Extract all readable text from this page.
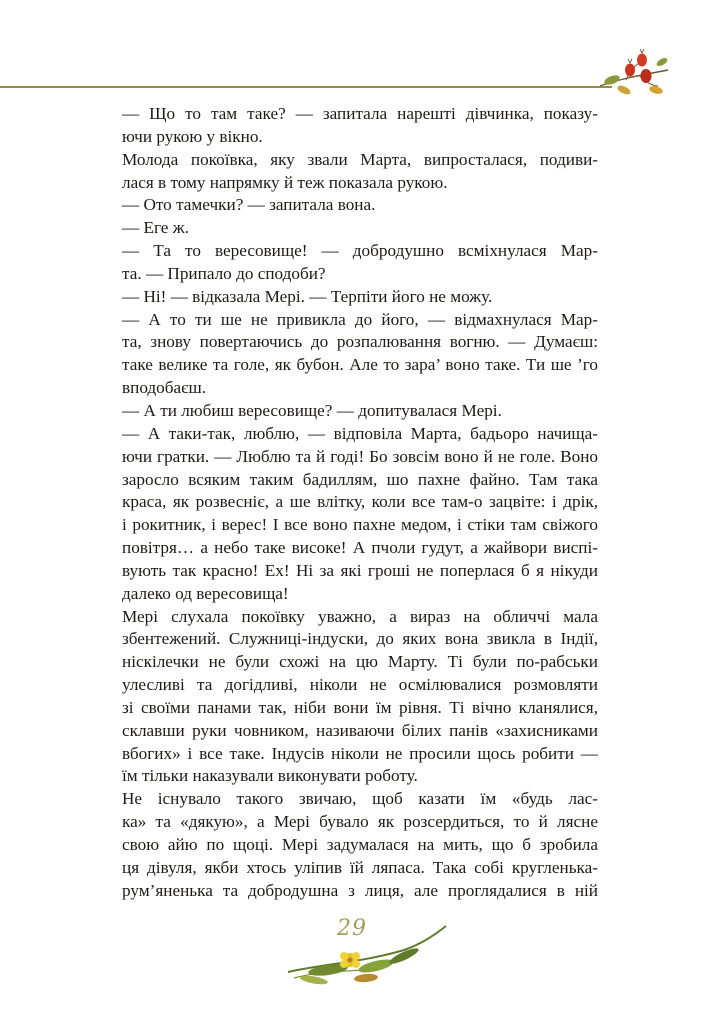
— Що то там таке? — запитала нарешті дівчинка, показу-
ючи рукою у вікно.
Молода покоївка, яку звали Марта, випросталася, подиви-
лася в тому напрямку й теж показала рукою.
— Ото тамечки? — запитала вона.
— Еге ж.
— Та то вересовище! — добродушно всміхнулася Мар-
та. — Припало до сподоби?
— Ні! — відказала Мері. — Терпіти його не можу.
— А то ти ше не привикла до його, — відмахнулася Мар-
та, знову повертаючись до розпалювання вогню. — Думаєш:
таке велике та голе, як бубон. Але то зара’ воно таке. Ти ше ’го
вподобаєш.
— А ти любиш вересовище? — допитувалася Мері.
— А таки-так, люблю, — відповіла Марта, бадьоро начища-
ючи гратки. — Люблю та й годі! Бо зовсім воно й не голе. Воно
заросло всяким таким бадиллям, шо пахне файно. Там така
краса, як розвесніє, а ше влітку, коли все там-о зацвіте: і дрік,
і рокитник, і верес! І все воно пахне медом, і стіки там свіжого
повітря… а небо таке високе! А пчоли гудут, а жайвори виспі-
вують так красно! Ех! Ні за які гроші не поперлася б я нікуди
далеко од вересовища!
Мері слухала покоївку уважно, а вираз на обличчі мала
збентежений. Служниці-індуски, до яких вона звикла в Індії,
ніскілечки не були схожі на цю Марту. Ті були по-рабськи
улесливі та догідливі, ніколи не осмілювалися розмовляти
зі своїми панами так, ніби вони їм рівня. Ті вічно кланялися,
склавши руки човником, називаючи білих панів «захисниками
вбогих» і все таке. Індусів ніколи не просили щось робити —
їм тільки наказували виконувати роботу.
Не існувало такого звичаю, щоб казати їм «будь лас-
ка» та «дякую», а Мері бувало як розсердиться, то й лясне
свою айю по щоці. Мері задумалася на мить, що б зробила
ця дівуля, якби хтось уліпив їй ляпаса. Така собі кругленька-
рум’яненька та добродушна з лиця, але проглядалися в ній
29
